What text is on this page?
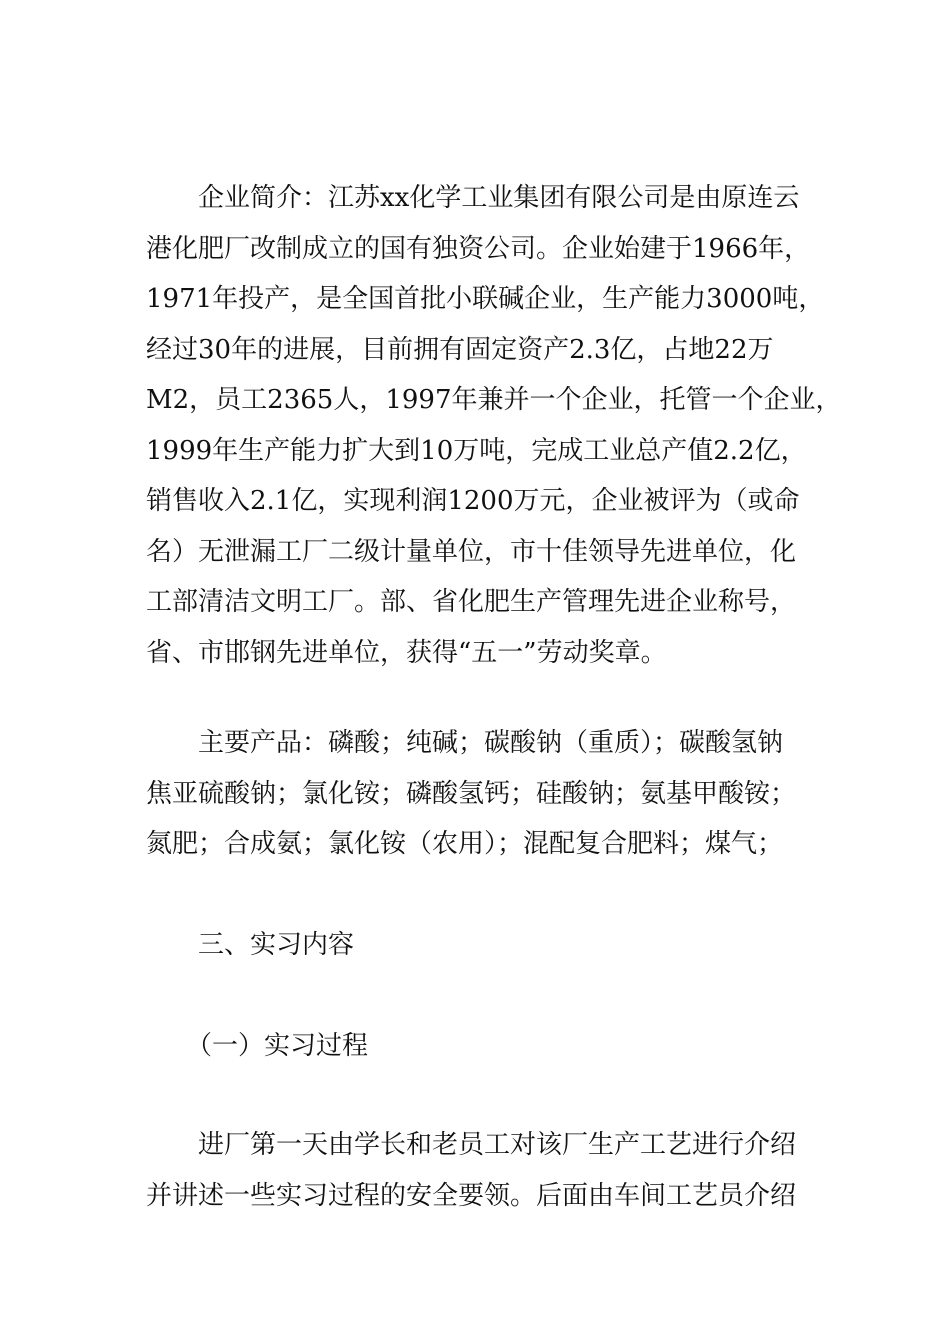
企业简介：江苏xx化学工业集团有限公司是由原连云
港化肥厂改制成立的国有独资公司。企业始建于1966年，
1971年投产，是全国首批小联碱企业，生产能力3000吨，
经过30年的进展，目前拥有固定资产2.3亿，占地22万
M2，员工2365人，1997年兼并一个企业，托管一个企业，
1999年生产能力扩大到10万吨，完成工业总产值2.2亿，
销售收入2.1亿，实现利润1200万元，企业被评为（或命
名）无泄漏工厂二级计量单位，市十佳领导先进单位，化
工部清洁文明工厂。部、省化肥生产管理先进企业称号，
省、市邯钢先进单位，获得“五一”劳动奖章。
主要产品：磷酸；纯碱；碳酸钠（重质）；碳酸氢钠
焦亚硫酸钠；氯化铵；磷酸氢钙；硅酸钠；氨基甲酸铵；
氮肥；合成氨；氯化铵（农用）；混配复合肥料；煤气；
三、实习内容
（一）实习过程
进厂第一天由学长和老员工对该厂生产工艺进行介绍
并讲述一些实习过程的安全要领。后面由车间工艺员介绍
